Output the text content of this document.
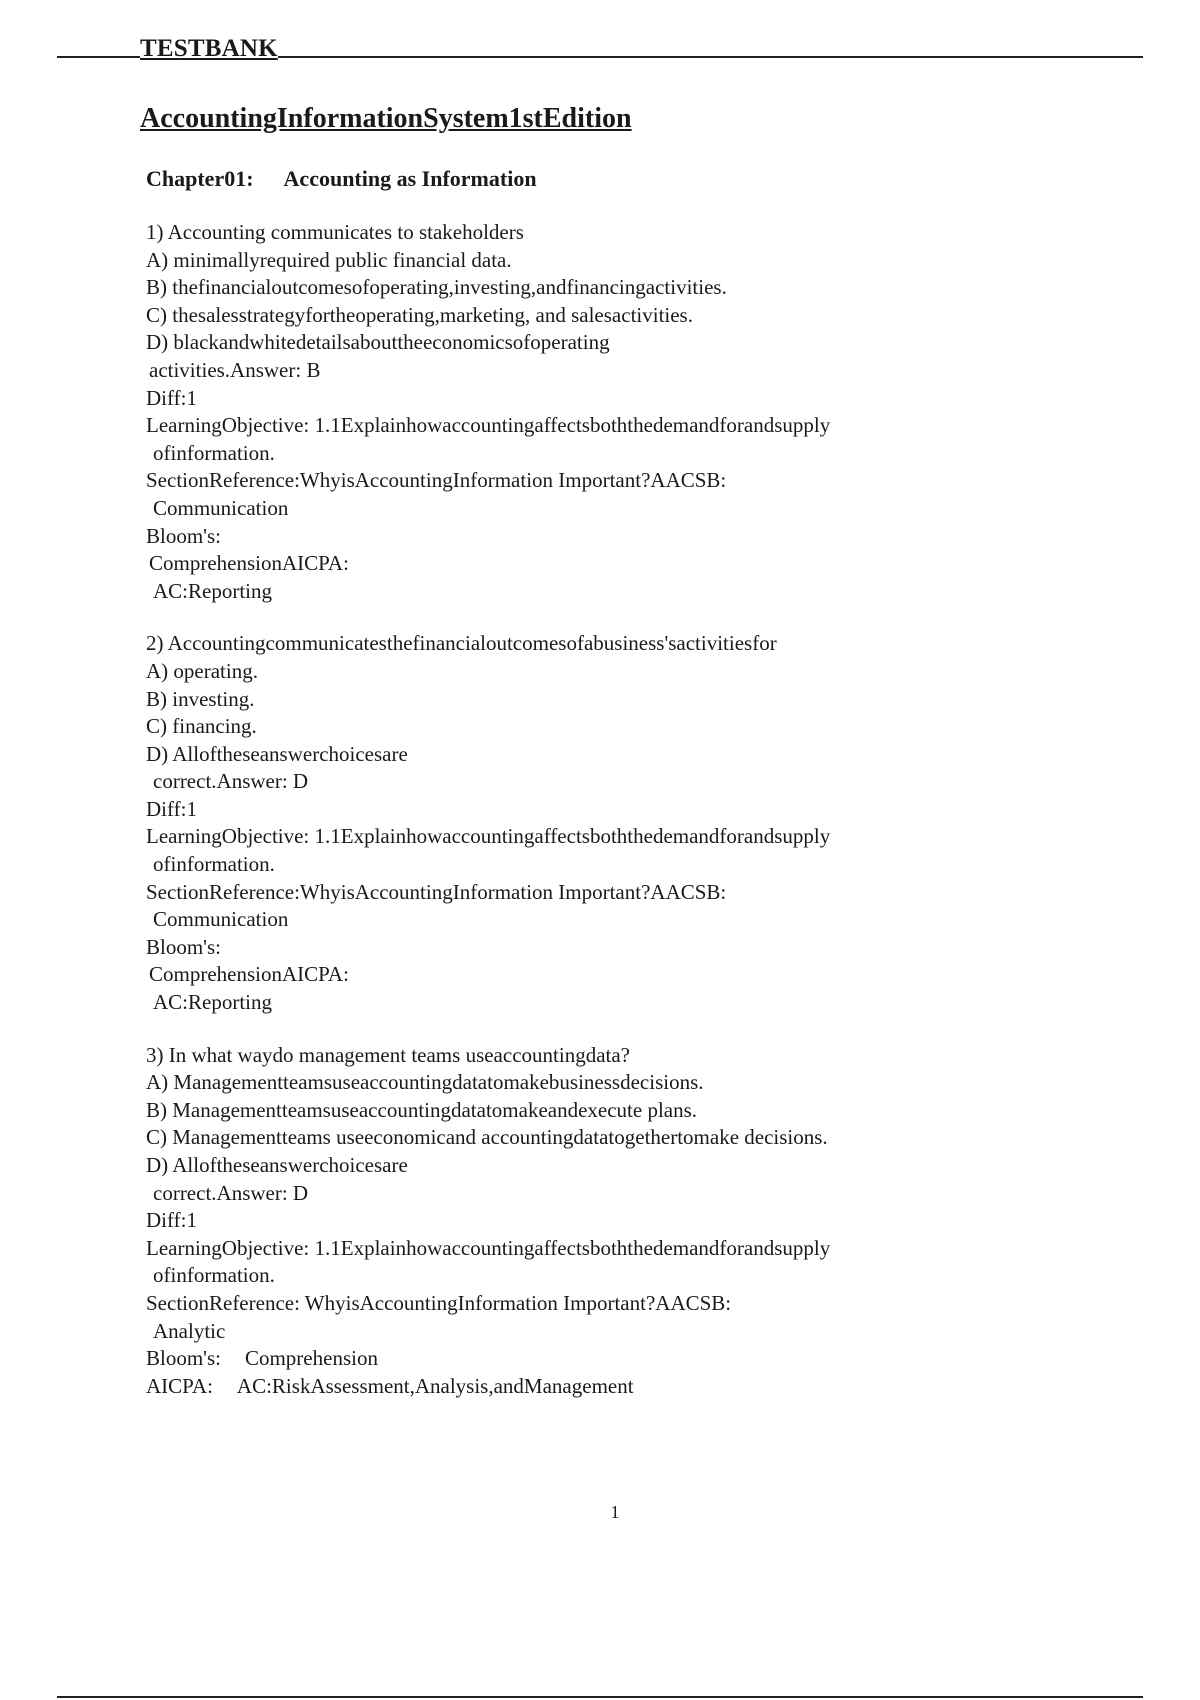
TESTBANK
AccountingInformationSystem1stEdition
Chapter01: Accounting as Information
1) Accounting communicates to stakeholders
A) minimallyrequired public financial data.
B) thefinancialoutcomesofoperating,investing,andfinancingactivities.
C) thesalesstrategyfortheoperating,marketing, and salesactivities.
D) blackandwhitedetailsabouttheeconomicsofoperating
activities.Answer: B
Diff:1
LearningObjective: 1.1Explainhowaccountingaffectsboththedemandforandsupply
ofinformation.
SectionReference:WhyisAccountingInformation Important?AACSB:
Communication
Bloom's:
ComprehensionAICPA:
AC:Reporting
2) Accountingcommunicatesthefinancialoutcomesofabusiness'sactivitiesfor
A) operating.
B) investing.
C) financing.
D) Alloftheseanswerchoicesare
correct.Answer: D
Diff:1
LearningObjective: 1.1Explainhowaccountingaffectsboththedemandforandsupply
ofinformation.
SectionReference:WhyisAccountingInformation Important?AACSB:
Communication
Bloom's:
ComprehensionAICPA:
AC:Reporting
3) In what waydo management teams useaccountingdata?
A) Managementteamsuseaccountingdatatomakebusinessdecisions.
B) Managementteamsuseaccountingdatatomakeandexecute plans.
C) Managementteams useeconomicand accountingdatatogethertomake decisions.
D) Alloftheseanswerchoicesare
correct.Answer: D
Diff:1
LearningObjective: 1.1Explainhowaccountingaffectsboththedemandforandsupply
ofinformation.
SectionReference: WhyisAccountingInformation Important?AACSB:
Analytic
Bloom's: Comprehension
AICPA: AC:RiskAssessment,Analysis,andManagement
1
